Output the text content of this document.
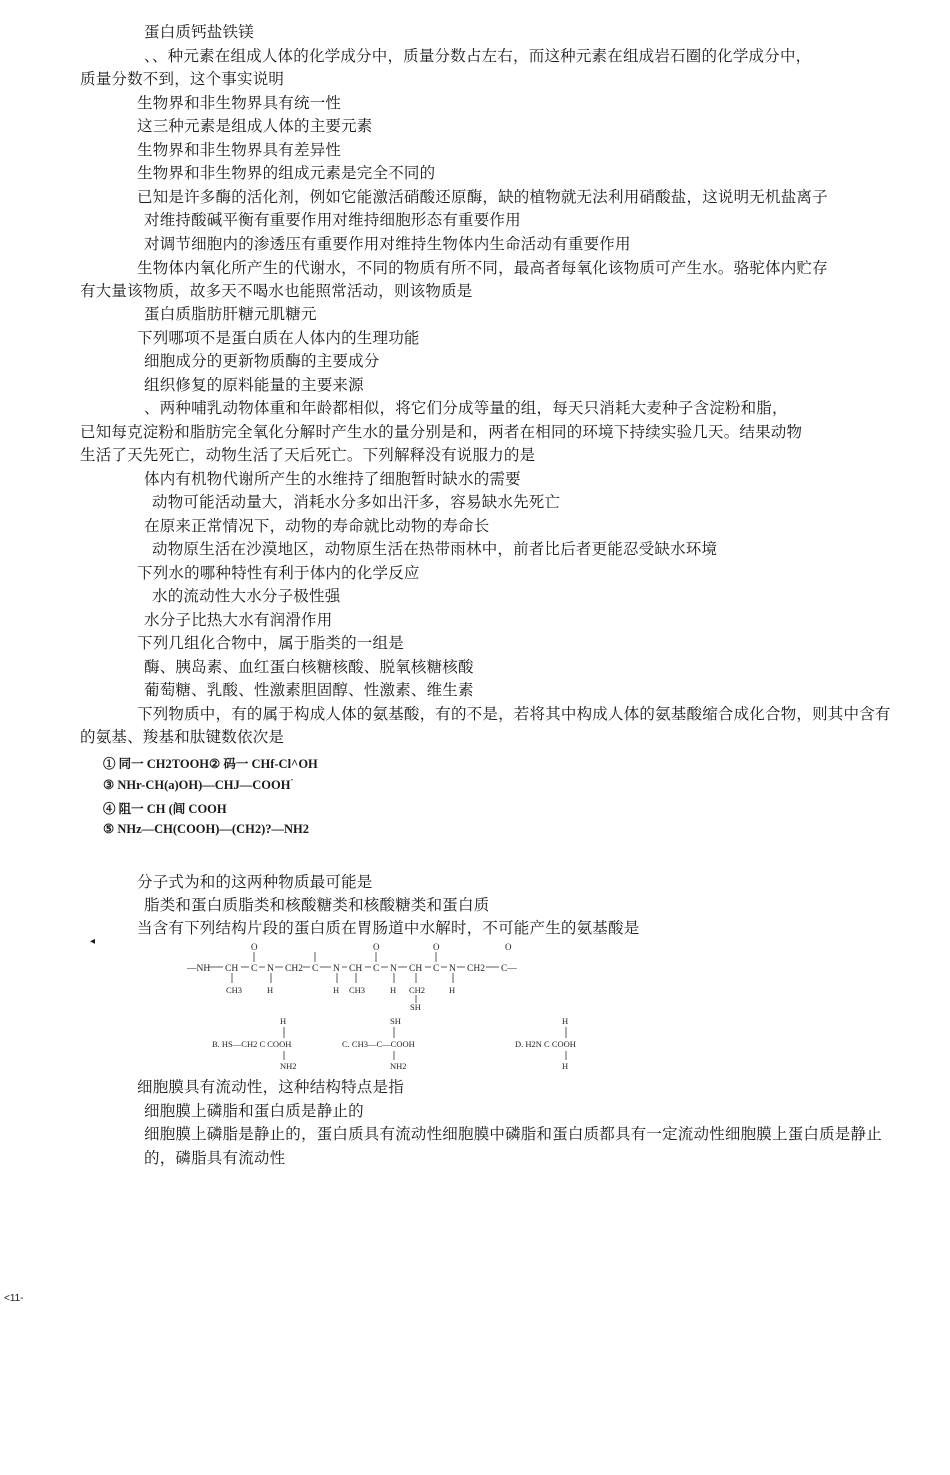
蛋白质钙盐铁镁
、、种元素在组成人体的化学成分中，质量分数占左右，而这种元素在组成岩石圈的化学成分中，
质量分数不到，这个事实说明
生物界和非生物界具有统一性
这三种元素是组成人体的主要元素
生物界和非生物界具有差异性
生物界和非生物界的组成元素是完全不同的
已知是许多酶的活化剂，例如它能激活硝酸还原酶，缺的植物就无法利用硝酸盐，这说明无机盐离子
对维持酸碱平衡有重要作用对维持细胞形态有重要作用
对调节细胞内的渗透压有重要作用对维持生物体内生命活动有重要作用
生物体内氧化所产生的代谢水，不同的物质有所不同，最高者每氧化该物质可产生水。骆驼体内贮存
有大量该物质，故多天不喝水也能照常活动，则该物质是
蛋白质脂肪肝糖元肌糖元
下列哪项不是蛋白质在人体内的生理功能
细胞成分的更新物质酶的主要成分
组织修复的原料能量的主要来源
、两种哺乳动物体重和年龄都相似，将它们分成等量的组，每天只消耗大麦种子含淀粉和脂，
已知每克淀粉和脂肪完全氧化分解时产生水的量分别是和，两者在相同的环境下持续实验几天。结果动物
生活了天先死亡，动物生活了天后死亡。下列解释没有说服力的是
体内有机物代谢所产生的水维持了细胞暂时缺水的需要
动物可能活动量大，消耗水分多如出汗多，容易缺水先死亡
在原来正常情况下，动物的寿命就比动物的寿命长
动物原生活在沙漠地区，动物原生活在热带雨林中，前者比后者更能忍受缺水环境
下列水的哪种特性有利于体内的化学反应
水的流动性大水分子极性强
水分子比热大水有润滑作用
下列几组化合物中，属于脂类的一组是
酶、胰岛素、血红蛋白核糖核酸、脱氧核糖核酸
葡萄糖、乳酸、性激素胆固醇、性激素、维生素
下列物质中，有的属于构成人体的氨基酸，有的不是，若将其中构成人体的氨基酸缩合成化合物，则其中含有
的氨基、羧基和肽键数依次是
① 同一 CH2TOOH② 码一 CHf-Cl^OH
③ NHr-CH(a)OH)—CHJ—COOH"
④ 阻一 CH (闾 COOH
⑤ NHz—CH(COOH)—(CH2)?—NH2
分子式为和的这两种物质最可能是
脂类和蛋白质脂类和核酸糖类和核酸糖类和蛋白质
当含有下列结构片段的蛋白质在胃肠道中水解时，不可能产生的氨基酸是
◂	O	O	O	O
—NH CH C N CH2 C N CH C N CH C N CH2 C—
CH3	H	H CH3	H CH2	H
SH
H
B. HS—CH2 C COOH
NH2
SH
C. CH3—C—COOH
NH2
H
D. H2N C COOH
H
细胞膜具有流动性，这种结构特点是指
细胞膜上磷脂和蛋白质是静止的
细胞膜上磷脂是静止的，蛋白质具有流动性细胞膜中磷脂和蛋白质都具有一定流动性细胞膜上蛋白质是静止
的，磷脂具有流动性
<11-
